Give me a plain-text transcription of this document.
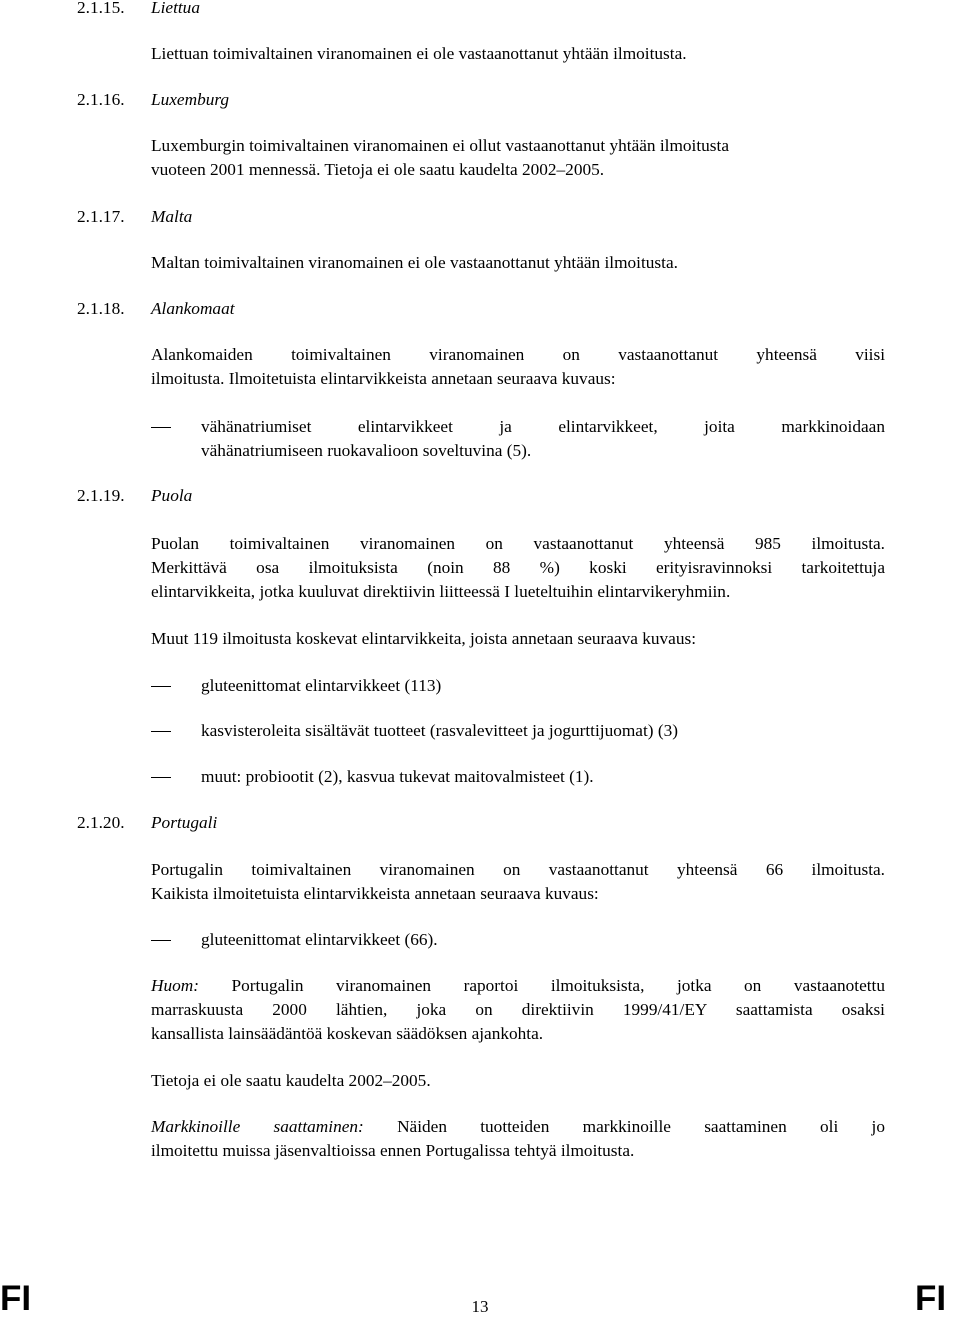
2.1.15. Liettua
Liettuan toimivaltainen viranomainen ei ole vastaanottanut yhtään ilmoitusta.
2.1.16. Luxemburg
Luxemburgin toimivaltainen viranomainen ei ollut vastaanottanut yhtään ilmoitusta
vuoteen 2001 mennessä. Tietoja ei ole saatu kaudelta 2002–2005.
2.1.17. Malta
Maltan toimivaltainen viranomainen ei ole vastaanottanut yhtään ilmoitusta.
2.1.18. Alankomaat
Alankomaiden toimivaltainen viranomainen on vastaanottanut yhteensä viisi
ilmoitusta. Ilmoitetuista elintarvikkeista annetaan seuraava kuvaus:
vähänatriumiset elintarvikkeet ja elintarvikkeet, joita markkinoidaan
vähänatriumiseen ruokavalioon soveltuvina (5).
2.1.19. Puola
Puolan toimivaltainen viranomainen on vastaanottanut yhteensä 985 ilmoitusta.
Merkittävä osa ilmoituksista (noin 88 %) koski erityisravinnoksi tarkoitettuja
elintarvikkeita, jotka kuuluvat direktiivin liitteessä I lueteltuihin elintarvikeryhmiin.
Muut 119 ilmoitusta koskevat elintarvikkeita, joista annetaan seuraava kuvaus:
gluteenittomat elintarvikkeet (113)
kasvisteroleita sisältävät tuotteet (rasvalevitteet ja jogurttijuomat) (3)
muut: probiootit (2), kasvua tukevat maitovalmisteet (1).
2.1.20. Portugali
Portugalin toimivaltainen viranomainen on vastaanottanut yhteensä 66 ilmoitusta.
Kaikista ilmoitetuista elintarvikkeista annetaan seuraava kuvaus:
gluteenittomat elintarvikkeet (66).
Huom: Portugalin viranomainen raportoi ilmoituksista, jotka on vastaanotettu
marraskuusta 2000 lähtien, joka on direktiivin 1999/41/EY saattamista osaksi
kansallista lainsäädäntöä koskevan säädöksen ajankohta.
Tietoja ei ole saatu kaudelta 2002–2005.
Markkinoille saattaminen: Näiden tuotteiden markkinoille saattaminen oli jo
ilmoitettu muissa jäsenvaltioissa ennen Portugalissa tehtyä ilmoitusta.
FI	13	FI
